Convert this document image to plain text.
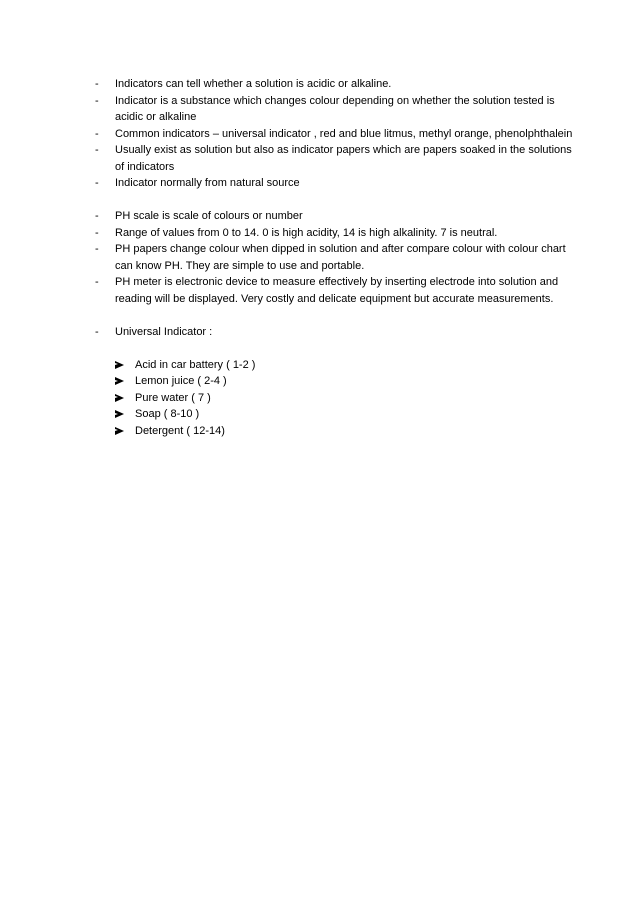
-	Indicators can tell whether a solution is acidic or alkaline.
-	Indicator is a substance which changes colour depending on whether the solution tested is acidic or alkaline
-	Common indicators – universal indicator , red and blue litmus, methyl orange, phenolphthalein
-	Usually exist as solution but also as indicator papers which are papers soaked in the solutions of indicators
-	Indicator normally from natural source
-	PH scale is scale of colours or number
-	Range of values from 0 to 14. 0 is high acidity, 14 is high alkalinity. 7 is neutral.
-	PH papers change colour when dipped in solution and after compare colour with colour chart can know PH. They are simple to use and portable.
-	PH meter is electronic device to measure effectively by inserting electrode into solution and reading will be displayed. Very costly and delicate equipment but accurate measurements.
-	Universal Indicator :
Acid in car battery ( 1-2 )
Lemon juice ( 2-4 )
Pure water ( 7 )
Soap ( 8-10 )
Detergent ( 12-14)
